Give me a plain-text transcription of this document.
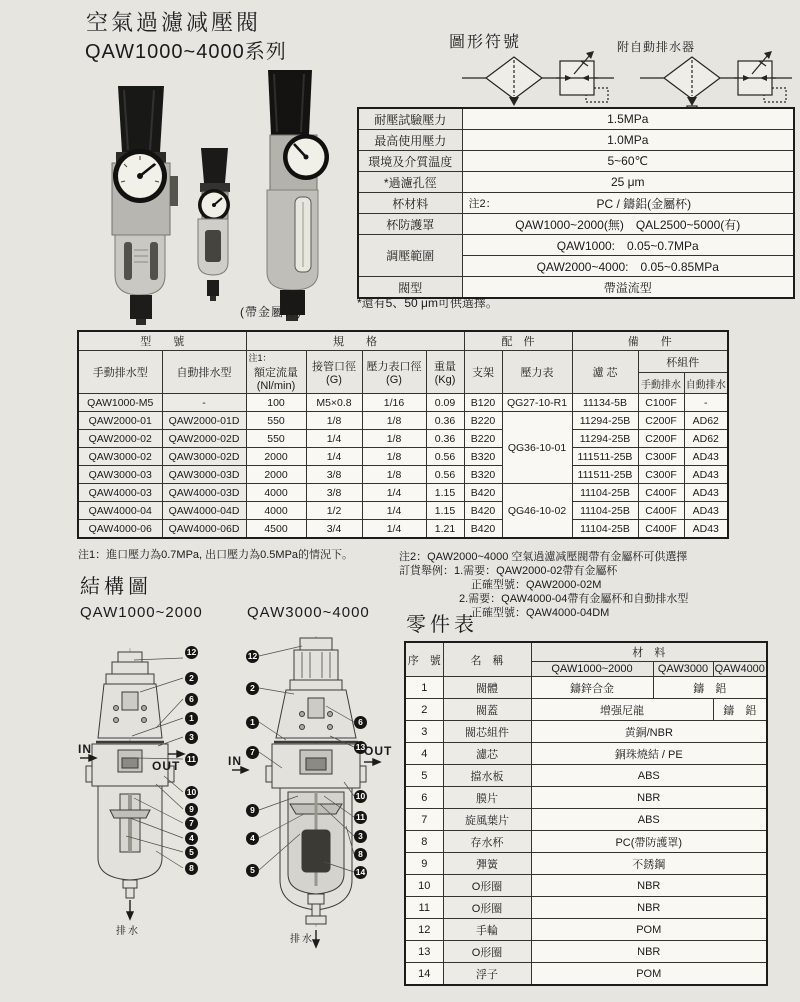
空氣過濾减壓閥
QAW1000~4000系列	圖形符號	附自動排水器
(帶金屬杯)
耐壓試驗壓力	1.5MPa
最高使用壓力	1.0MPa
環境及介質温度	5~60℃
*過濾孔徑	25 μm
杯材料	注2： PC / 鑄鋁(金屬杯)

杯防護罩	QAW1000~2000(無)　QAL2500~5000(有)
調壓範圍	QAW1000:　0.05~0.7MPa
	QAW2000~4000:　0.05~0.85MPa
閥型	帶溢流型
*還有5、50 μm可供選擇。
型　　號		規　　格				配　件		備　　件		
手動排水型	自動排水型	注1：

額定流量
(Nl/min)	接管口徑
(G)	壓力表口徑
(G)	重量
(Kg)	支架	壓力表	濾 芯	杯組件	
									手動排水	自動排水
QAW1000-M5	-	100	M5×0.8	1/16	0.09	B120	QG27-10-R1	11134-5B	C100F	-
QAW2000-01	QAW2000-01D	550	1/8	1/8	0.36	B220	QG36-10-01	11294-25B	C200F	AD62
QAW2000-02	QAW2000-02D	550	1/4	1/8	0.36	B220		11294-25B	C200F	AD62
QAW3000-02	QAW3000-02D	2000	1/4	1/8	0.56	B320		111511-25B	C300F	AD43
QAW3000-03	QAW3000-03D	2000	3/8	1/8	0.56	B320		111511-25B	C300F	AD43
QAW4000-03	QAW4000-03D	4000	3/8	1/4	1.15	B420	QG46-10-02	11104-25B	C400F	AD43
QAW4000-04	QAW4000-04D	4000	1/2	1/4	1.15	B420		11104-25B	C400F	AD43
QAW4000-06	QAW4000-06D	4500	3/4	1/4	1.21	B420		11104-25B	C400F	AD43
注1：進口壓力為0.7MPa, 出口壓力為0.5MPa的情況下。	注2：QAW2000~4000 空氣過濾减壓閥帶有金屬杯可供選擇
訂貨舉例：1.需要：QAW2000-02帶有金屬杯
正確型號：QAW2000-02M
2.需要：QAW4000-04帶有金屬杯和自動排水型
正確型號：QAW4000-04DM
結構圖
QAW1000~2000	QAW3000~4000
12
2
6
1
3
11
10
9
7
4
5
8
IN
OUT
排水
12
2
1
7
9
4
5
6
13
10
11
3
8
14
IN
OUT
排水
零件表
序　號	名　稱	材　料		
		QAW1000~2000	QAW3000	QAW4000
1	閥體	鑄鋅合金	鑄　鋁	
2	閥蓋	增强尼龍		鑄　鋁
3	閥芯組件	黄銅/NBR		
4	濾芯	銅珠燒結 / PE		
5	擋水板	ABS		
6	膜片	NBR		
7	旋風葉片	ABS		
8	存水杯	PC(帶防護罩)		
9	彈簧	不銹鋼		
10	O形圈	NBR		
11	O形圈	NBR		
12	手輪	POM		
13	O形圈	NBR		
14	浮子	POM		
